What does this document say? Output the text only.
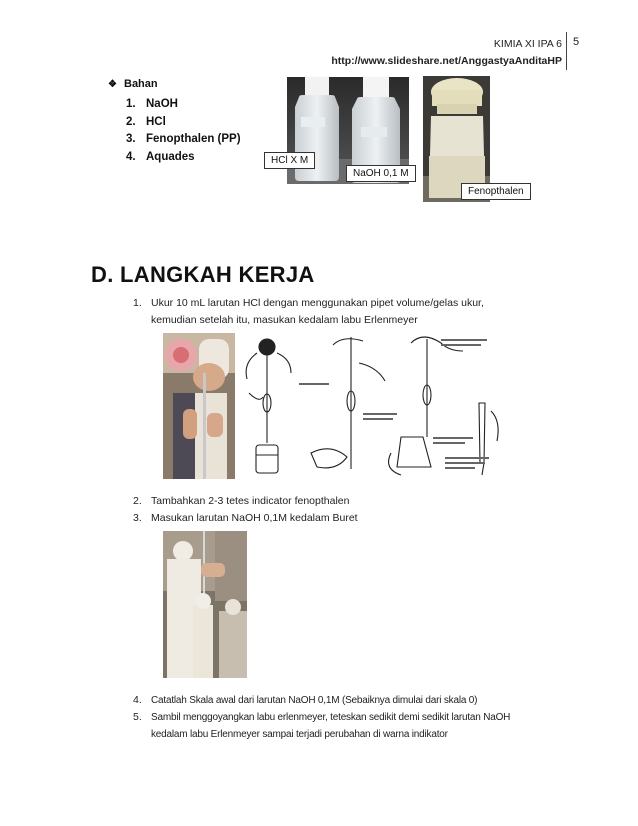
KIMIA XI IPA 6
http://www.slideshare.net/AnggastyaAnditaHP
5
❖ Bahan
1. NaOH
2. HCl
3. Fenopthalen (PP)
4. Aquades	HCl X M
NaOH 0,1 M
Fenopthalen
D. LANGKAH KERJA
1. Ukur 10 mL larutan HCl dengan menggunakan pipet volume/gelas ukur,
kemudian setelah itu, masukan kedalam labu Erlenmeyer
2. Tambahkan 2-3 tetes indicator fenopthalen
3. Masukan larutan NaOH 0,1M kedalam Buret
4. Catatlah Skala awal dari larutan NaOH 0,1M (Sebaiknya dimulai dari skala 0)
5. Sambil menggoyangkan labu erlenmeyer, teteskan sedikit demi sedikit larutan NaOH
kedalam labu Erlenmeyer sampai terjadi perubahan di warna indikator
